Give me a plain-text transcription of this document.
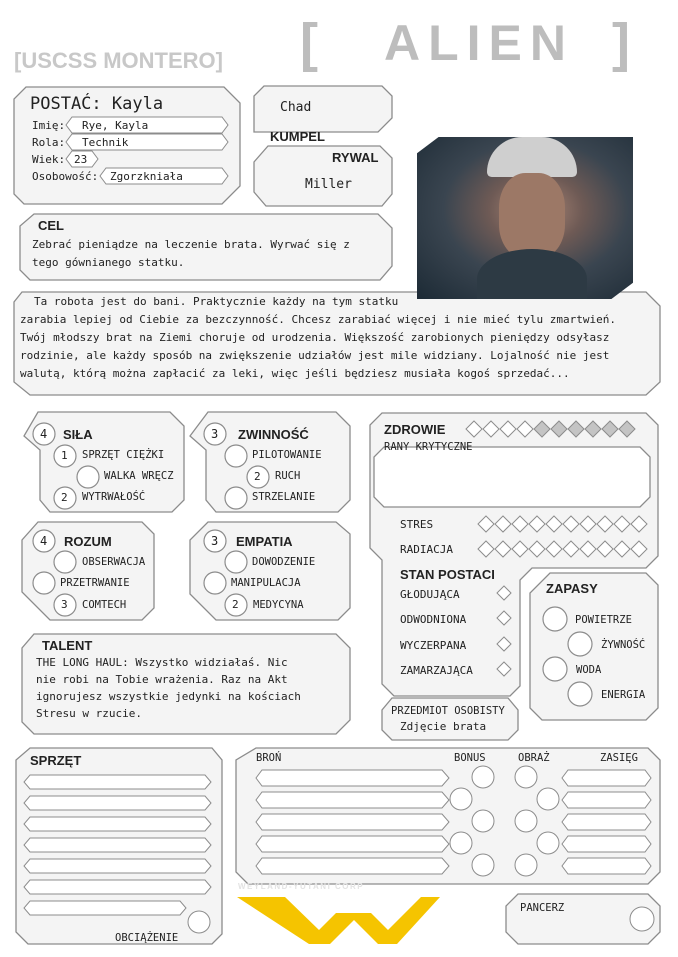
[USCSS MONTERO] [ ALIEN ]
POSTAĆ: Kayla
Imię: Rye, Kayla
Rola: Technik
Wiek: 23
Osobowość: Zgorzkniała
Chad
KUMPEL
RYWAL
Miller
CEL
Zebrać pieniądze na leczenie brata. Wyrwać się z
tego gównianego statku.
Ta robota jest do bani. Praktycznie każdy na tym statku
zarabia lepiej od Ciebie za bezczynność. Chcesz zarabiać więcej i nie mieć tylu zmartwień.
Twój młodszy brat na Ziemi choruje od urodzenia. Większość zarobionych pieniędzy odsyłasz
rodzinie, ale każdy sposób na zwiększenie udziałów jest mile widziany. Lojalność nie jest
walutą, którą można zapłacić za leki, więc jeśli będziesz musiała kogoś sprzedać...
4 SIŁA
1 SPRZĘT CIĘŻKI
WALKA WRĘCZ
2 WYTRWAŁOŚĆ
3 ZWINNOŚĆ
PILOTOWANIE
2 RUCH
STRZELANIE
4 ROZUM
OBSERWACJA
PRZETRWANIE
3 COMTECH
3 EMPATIA
DOWODZENIE
MANIPULACJA
2 MEDYCYNA
TALENT
THE LONG HAUL: Wszystko widziałaś. Nic
nie robi na Tobie wrażenia. Raz na Akt
ignorujesz wszystkie jedynki na kościach
Stresu w rzucie.
ZDROWIE
RANY KRYTYCZNE
STRES
RADIACJA
STAN POSTACI
GŁODUJĄCA
ODWODNIONA
WYCZERPANA
ZAMARZAJĄCA
ZAPASY
POWIETRZE
ŻYWNOŚĆ
WODA
ENERGIA
PRZEDMIOT OSOBISTY
Zdjęcie brata
SPRZĘT
OBCIĄŻENIE
BROŃ	BONUS	OBRAŻ	ZASIĘG
PANCERZ
WEYLAND-YUTANI CORP
